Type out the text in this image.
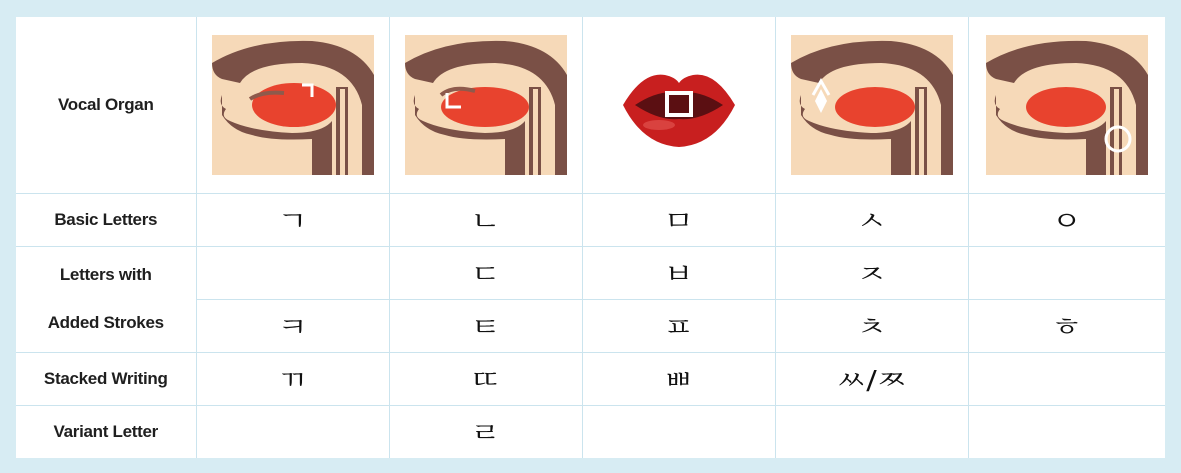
Vocal Organ	

Basic Letters	ㄱ	ㄴ	ㅁ	ㅅ	ㅇ
Letters with
Added Strokes		ㄷ	ㅂ	ㅈ	
	ㅋ	ㅌ	ㅍ	ㅊ	ㅎ
Stacked Writing	ㄲ	ㄸ	ㅃ	ㅆ/ㅉ	
Variant Letter		ㄹ			
